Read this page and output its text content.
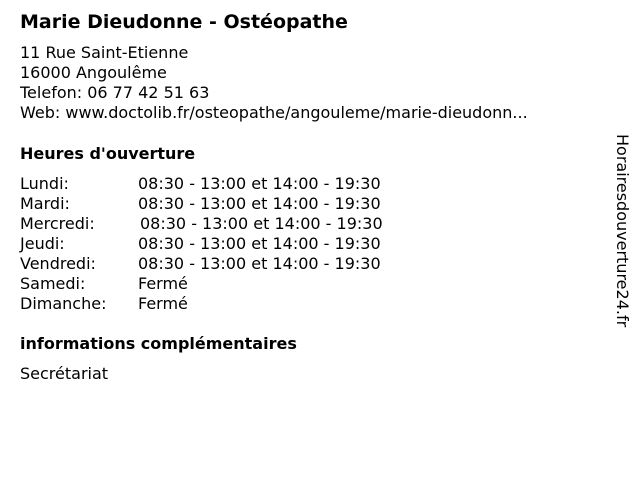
Marie Dieudonne - Ostéopathe
11 Rue Saint-Etienne
16000 Angoulême
Telefon: 06 77 42 51 63
Web: www.doctolib.fr/osteopathe/angouleme/marie-dieudonn...
Heures d'ouverture
Lundi:	08:30 - 13:00 et 14:00 - 19:30
Mardi:	08:30 - 13:00 et 14:00 - 19:30
Mercredi:	08:30 - 13:00 et 14:00 - 19:30
Jeudi:	08:30 - 13:00 et 14:00 - 19:30
Vendredi:	08:30 - 13:00 et 14:00 - 19:30
Samedi:	Fermé
Dimanche: Fermé
informations complémentaires
Secrétariat
Horairesdouverture24.fr
